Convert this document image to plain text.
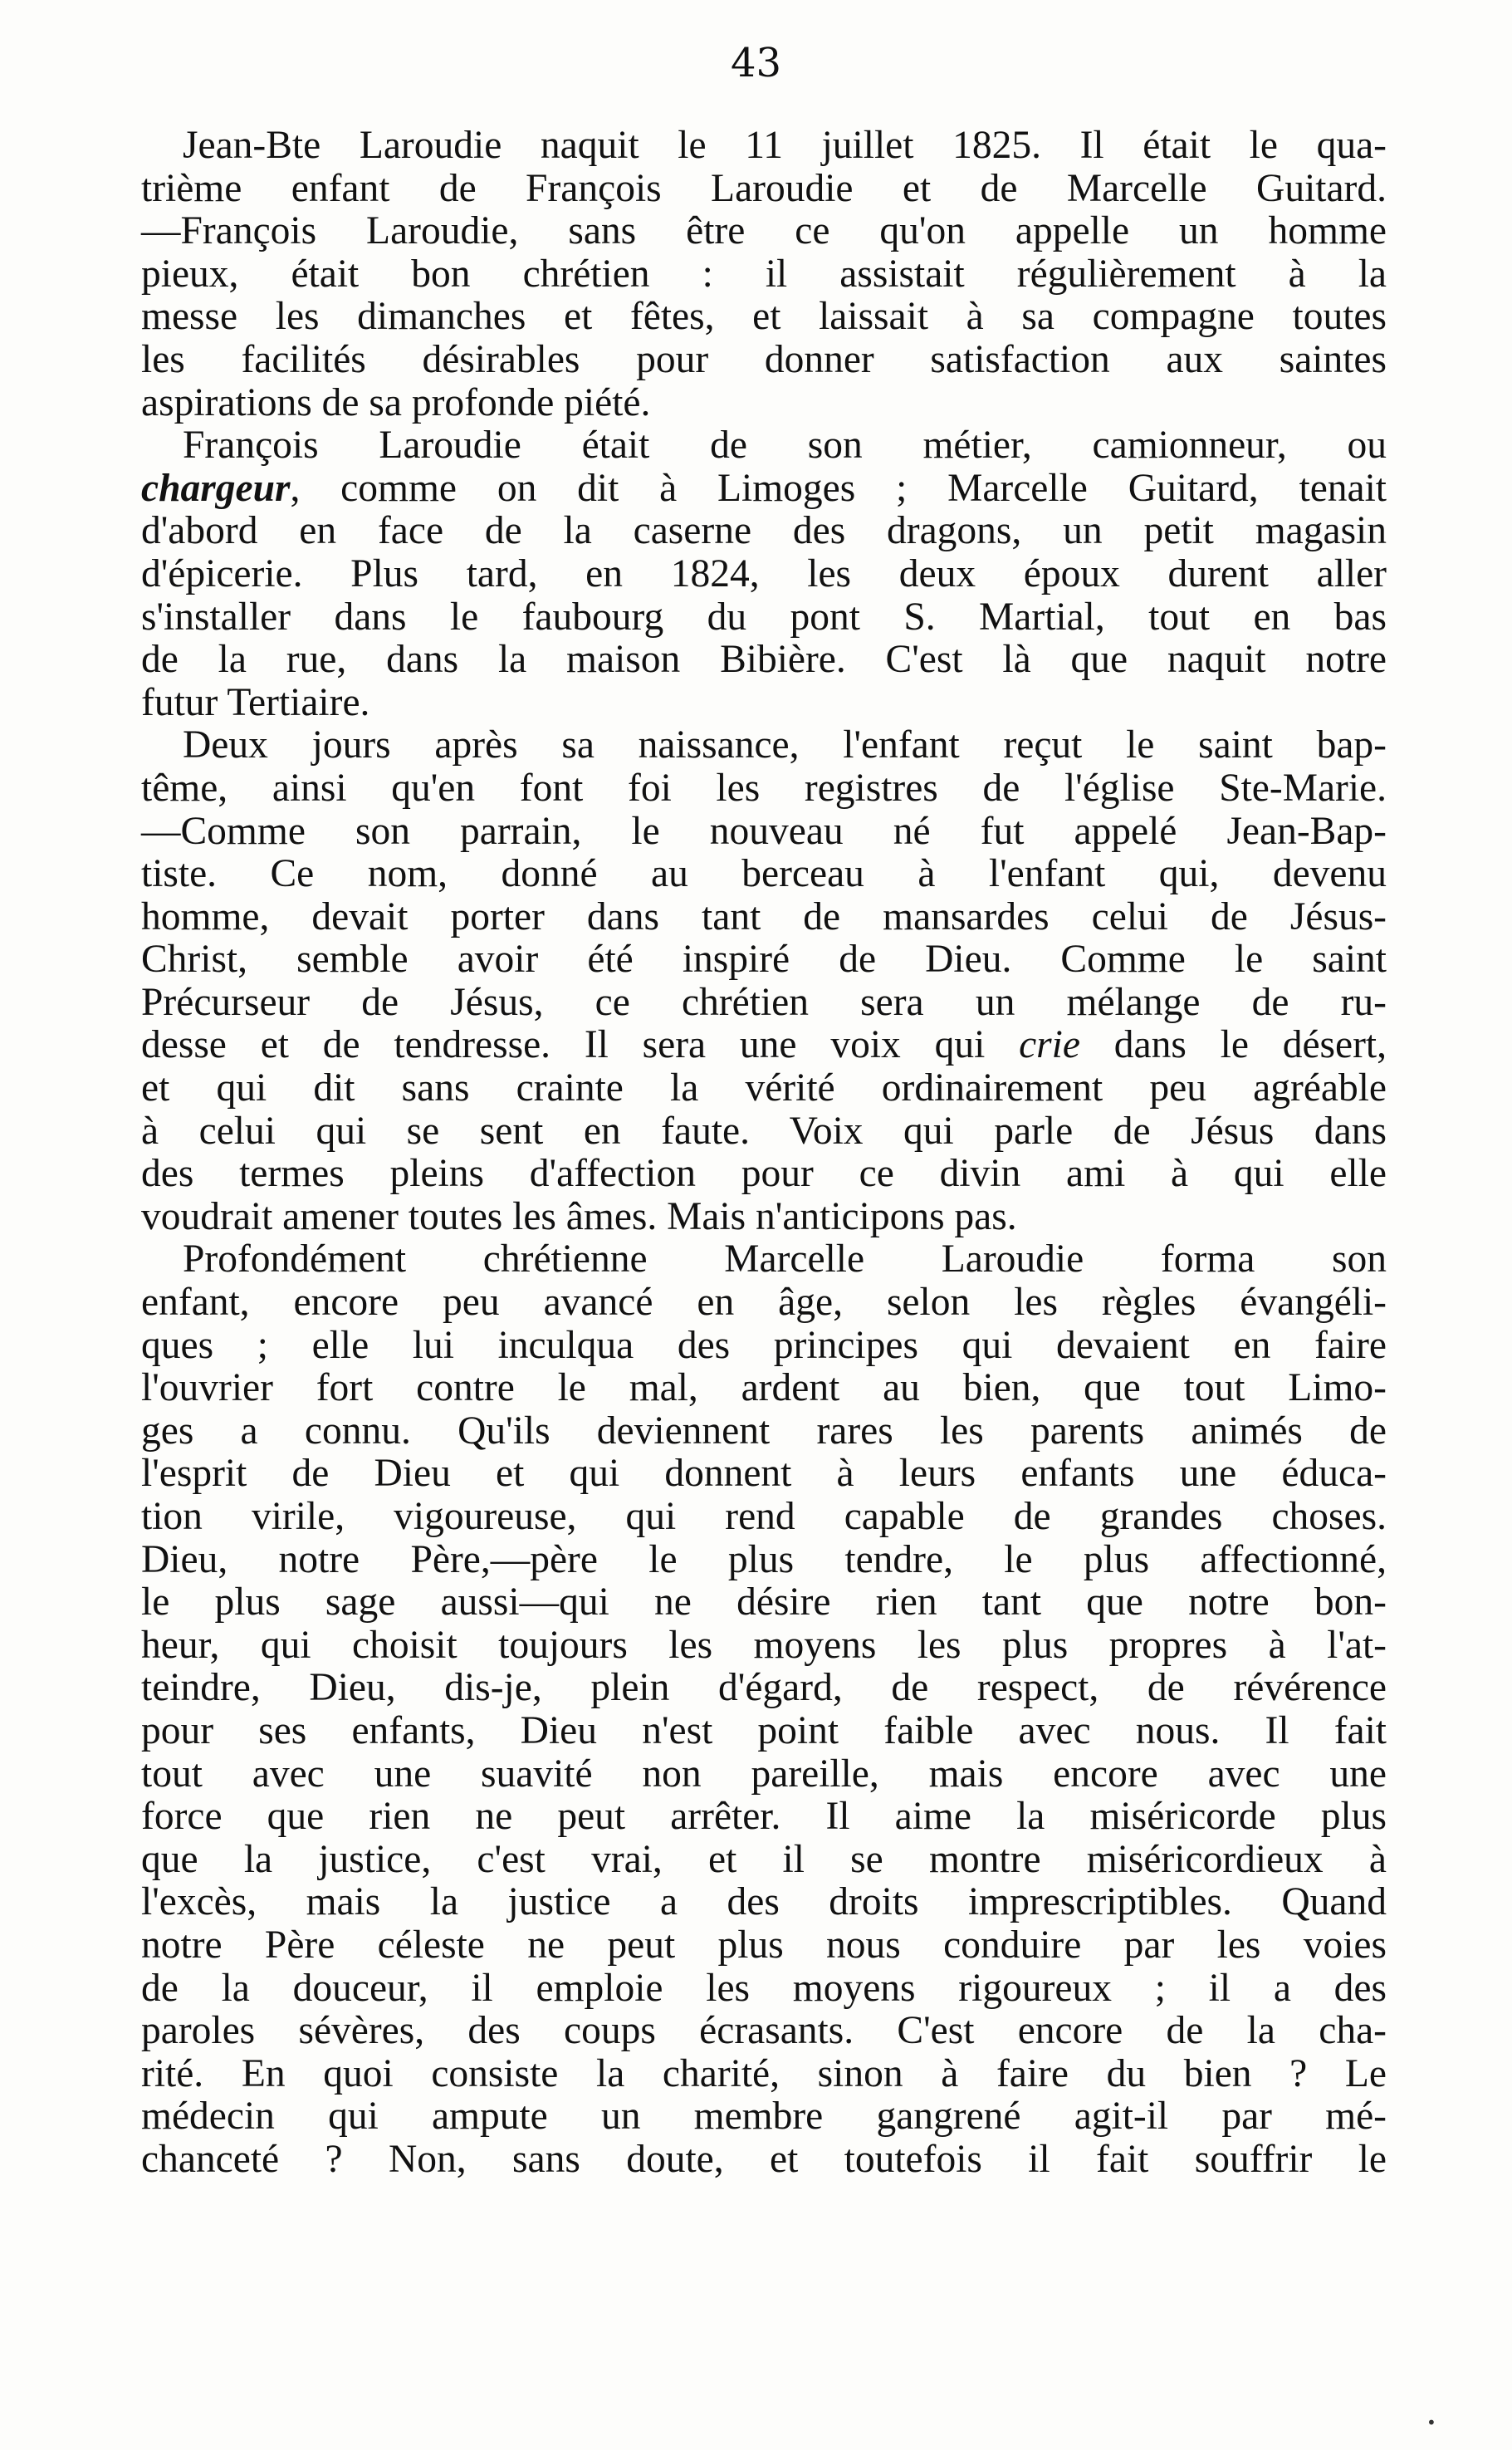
43
Jean-Bte Laroudie naquit le 11 juillet 1825. Il était le qua-
trième enfant de François Laroudie et de Marcelle Guitard.
—François Laroudie, sans être ce qu'on appelle un homme
pieux, était bon chrétien : il assistait régulièrement à la
messe les dimanches et fêtes, et laissait à sa compagne toutes
les facilités désirables pour donner satisfaction aux saintes
aspirations de sa profonde piété.
François Laroudie était de son métier, camionneur, ou
chargeur, comme on dit à Limoges ; Marcelle Guitard, tenait
d'abord en face de la caserne des dragons, un petit magasin
d'épicerie. Plus tard, en 1824, les deux époux durent aller
s'installer dans le faubourg du pont S. Martial, tout en bas
de la rue, dans la maison Bibière. C'est là que naquit notre
futur Tertiaire.
Deux jours après sa naissance, l'enfant reçut le saint bap-
tême, ainsi qu'en font foi les registres de l'église Ste-Marie.
—Comme son parrain, le nouveau né fut appelé Jean-Bap-
tiste. Ce nom, donné au berceau à l'enfant qui, devenu
homme, devait porter dans tant de mansardes celui de Jésus-
Christ, semble avoir été inspiré de Dieu. Comme le saint
Précurseur de Jésus, ce chrétien sera un mélange de ru-
desse et de tendresse. Il sera une voix qui crie dans le désert,
et qui dit sans crainte la vérité ordinairement peu agréable
à celui qui se sent en faute. Voix qui parle de Jésus dans
des termes pleins d'affection pour ce divin ami à qui elle
voudrait amener toutes les âmes. Mais n'anticipons pas.
Profondément chrétienne Marcelle Laroudie forma son
enfant, encore peu avancé en âge, selon les règles évangéli-
ques ; elle lui inculqua des principes qui devaient en faire
l'ouvrier fort contre le mal, ardent au bien, que tout Limo-
ges a connu. Qu'ils deviennent rares les parents animés de
l'esprit de Dieu et qui donnent à leurs enfants une éduca-
tion virile, vigoureuse, qui rend capable de grandes choses.
Dieu, notre Père,—père le plus tendre, le plus affectionné,
le plus sage aussi—qui ne désire rien tant que notre bon-
heur, qui choisit toujours les moyens les plus propres à l'at-
teindre, Dieu, dis-je, plein d'égard, de respect, de révérence
pour ses enfants, Dieu n'est point faible avec nous. Il fait
tout avec une suavité non pareille, mais encore avec une
force que rien ne peut arrêter. Il aime la miséricorde plus
que la justice, c'est vrai, et il se montre miséricordieux à
l'excès, mais la justice a des droits imprescriptibles. Quand
notre Père céleste ne peut plus nous conduire par les voies
de la douceur, il emploie les moyens rigoureux ; il a des
paroles sévères, des coups écrasants. C'est encore de la cha-
rité. En quoi consiste la charité, sinon à faire du bien ? Le
médecin qui ampute un membre gangrené agit-il par mé-
chanceté ? Non, sans doute, et toutefois il fait souffrir le
•
